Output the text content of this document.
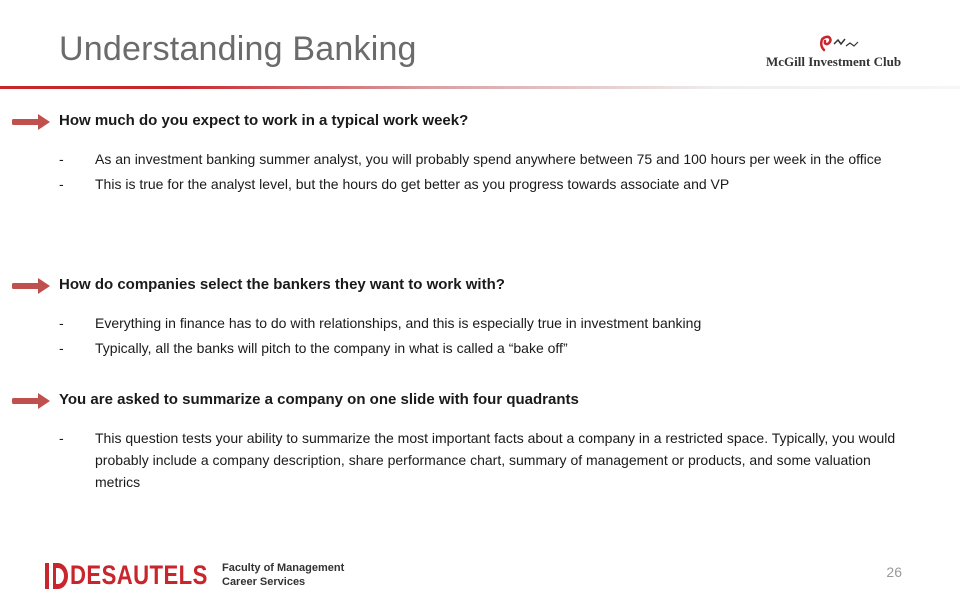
Understanding Banking	McGill Investment Club
How much do you expect to work in a typical work week?
- As an investment banking summer analyst, you will probably spend anywhere between 75 and 100 hours per week in the office
- This is true for the analyst level, but the hours do get better as you progress towards associate and VP
How do companies select the bankers they want to work with?
- Everything in finance has to do with relationships, and this is especially true in investment banking
- Typically, all the banks will pitch to the company in what is called a “bake off”
You are asked to summarize a company on one slide with four quadrants
- This question tests your ability to summarize the most important facts about a company in a restricted space. Typically, you would probably include a company description, share performance chart, summary of management or products, and some valuation metrics
DESAUTELS Faculty of Management
Career Services
26
